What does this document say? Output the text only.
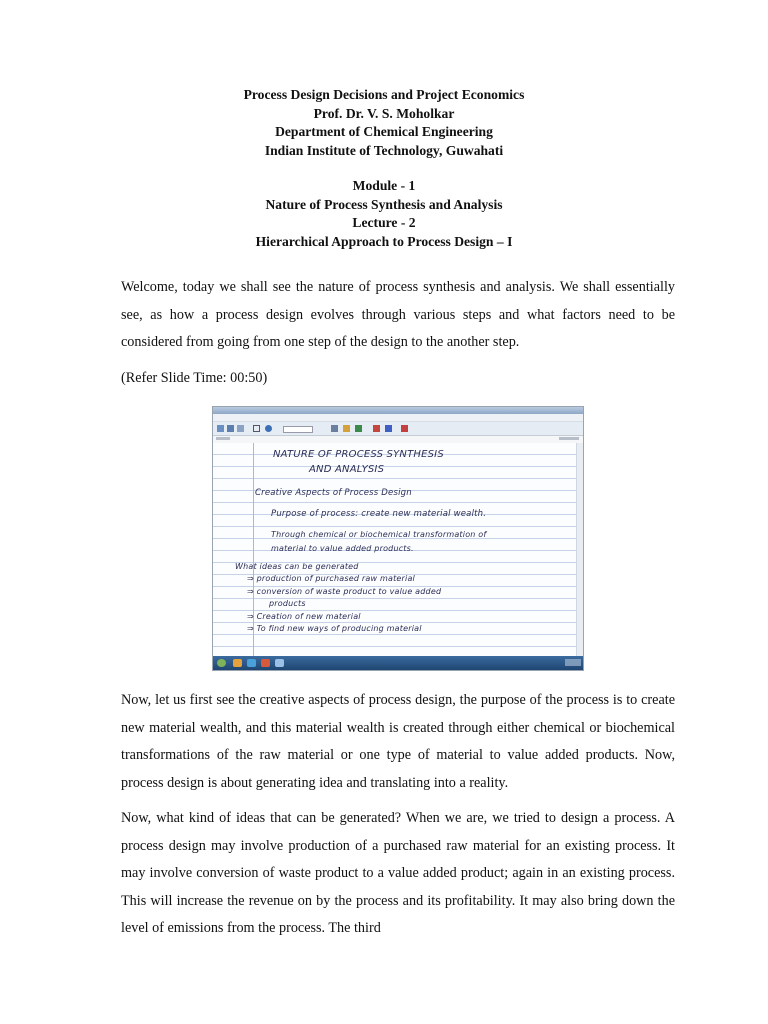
Process Design Decisions and Project Economics
Prof. Dr. V. S. Moholkar
Department of Chemical Engineering
Indian Institute of Technology, Guwahati
Module - 1
Nature of Process Synthesis and Analysis
Lecture - 2
Hierarchical Approach to Process Design – I

Welcome, today we shall see the nature of process synthesis and analysis. We shall essentially see, as how a process design evolves through various steps and what factors need to be considered from going from one step of the design to the another step.

(Refer Slide Time: 00:50)

NATURE OF PROCESS SYNTHESIS

AND ANALYSIS

Creative Aspects of Process Design

Purpose of process: create new material wealth.

Through chemical or biochemical transformation of

material to value added products.

What ideas can be generated

⇒ production of purchased raw material

⇒ conversion of waste product to value added

products

⇒ Creation of new material

⇒ To find new ways of producing material

Now, let us first see the creative aspects of process design, the purpose of the process is to create new material wealth, and this material wealth is created through either chemical or biochemical transformations of the raw material or one type of material to value added products. Now, process design is about generating idea and translating into a reality.

Now, what kind of ideas that can be generated? When we are, we tried to design a process. A process design may involve production of a purchased raw material for an existing process. It may involve conversion of waste product to a value added product; again in an existing process. This will increase the revenue on by the process and its profitability. It may also bring down the level of emissions from the process. The third
